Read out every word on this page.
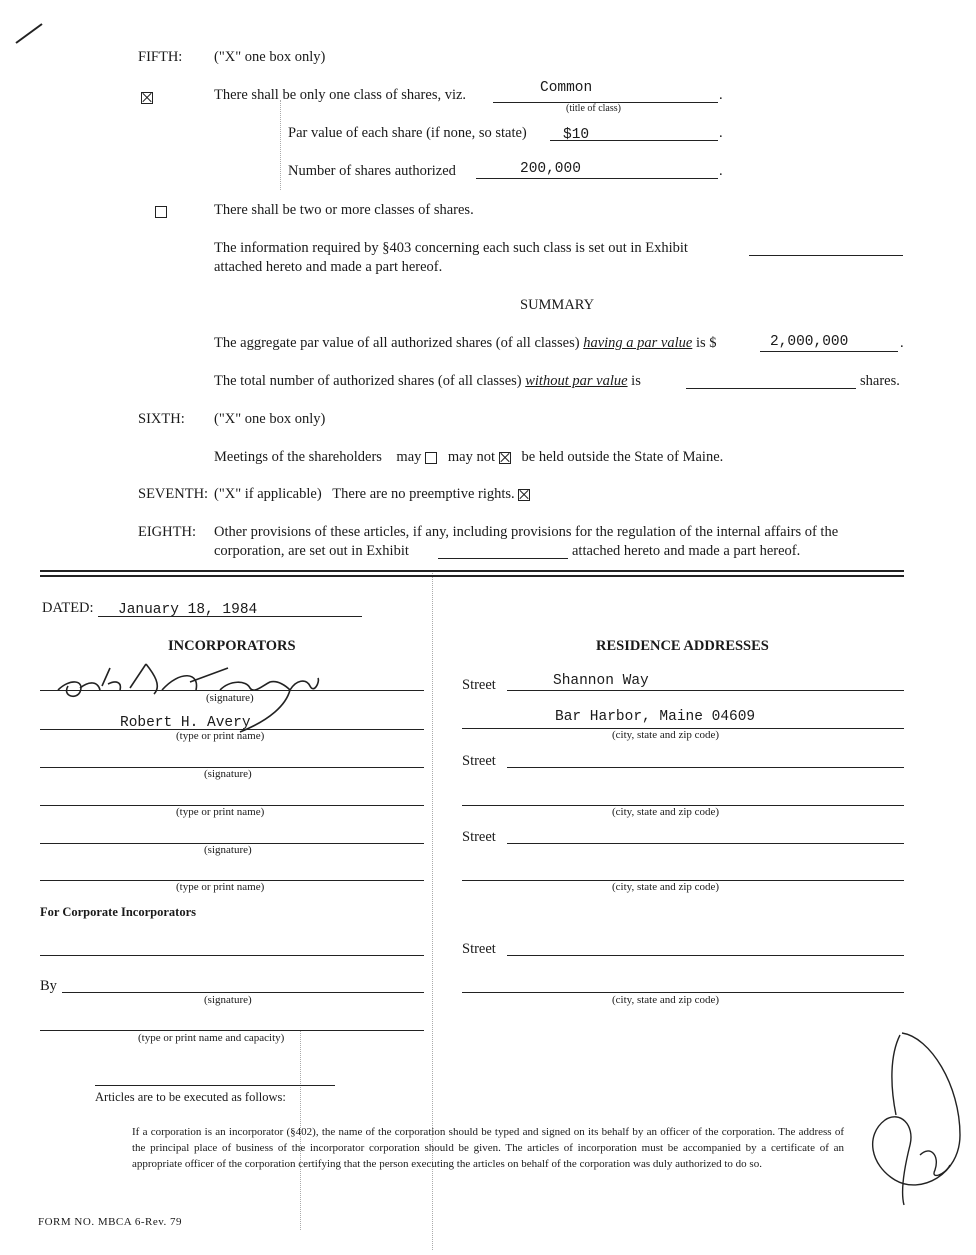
FIFTH: ("X" one box only)

There shall be only one class of shares, viz.	.
Common
(title of class)
Par value of each share (if none, so state)	.
$10
Number of shares authorized	.
200,000
There shall be two or more classes of shares.
The information required by §403 concerning each such class is set out in Exhibit
attached hereto and made a part hereof.
SUMMARY
The aggregate par value of all authorized shares (of all classes) having a par value is $	.
2,000,000
The total number of authorized shares (of all classes) without par value is	shares.
SIXTH: ("X" one box only)
Meetings of the shareholders may may not be held outside the State of Maine.
SEVENTH: ("X" if applicable) There are no preemptive rights.
EIGHTH: Other provisions of these articles, if any, including provisions for the regulation of the internal affairs of the
corporation, are set out in Exhibit	attached hereto and made a part hereof.
DATED: January 18, 1984
INCORPORATORS	RESIDENCE ADDRESSES
(signature)
Robert H. Avery
(type or print name)
Street	Shannon Way
Bar Harbor, Maine 04609
(city, state and zip code)
(signature)
(type or print name)
Street
(city, state and zip code)
(signature)
(type or print name)
Street
(city, state and zip code)
For Corporate Incorporators
By
(signature)
(type or print name and capacity)
Street
(city, state and zip code)
Articles are to be executed as follows:
If a corporation is an incorporator (§402), the name of the corporation should be typed and signed on its behalf by an officer of the corporation. The address of the principal place of business of the incorporator corporation should be given. The articles of incorporation must be accompanied by a certificate of an appropriate officer of the corporation certifying that the person executing the articles on behalf of the corporation was duly authorized to do so.
FORM NO. MBCA 6-Rev. 79
